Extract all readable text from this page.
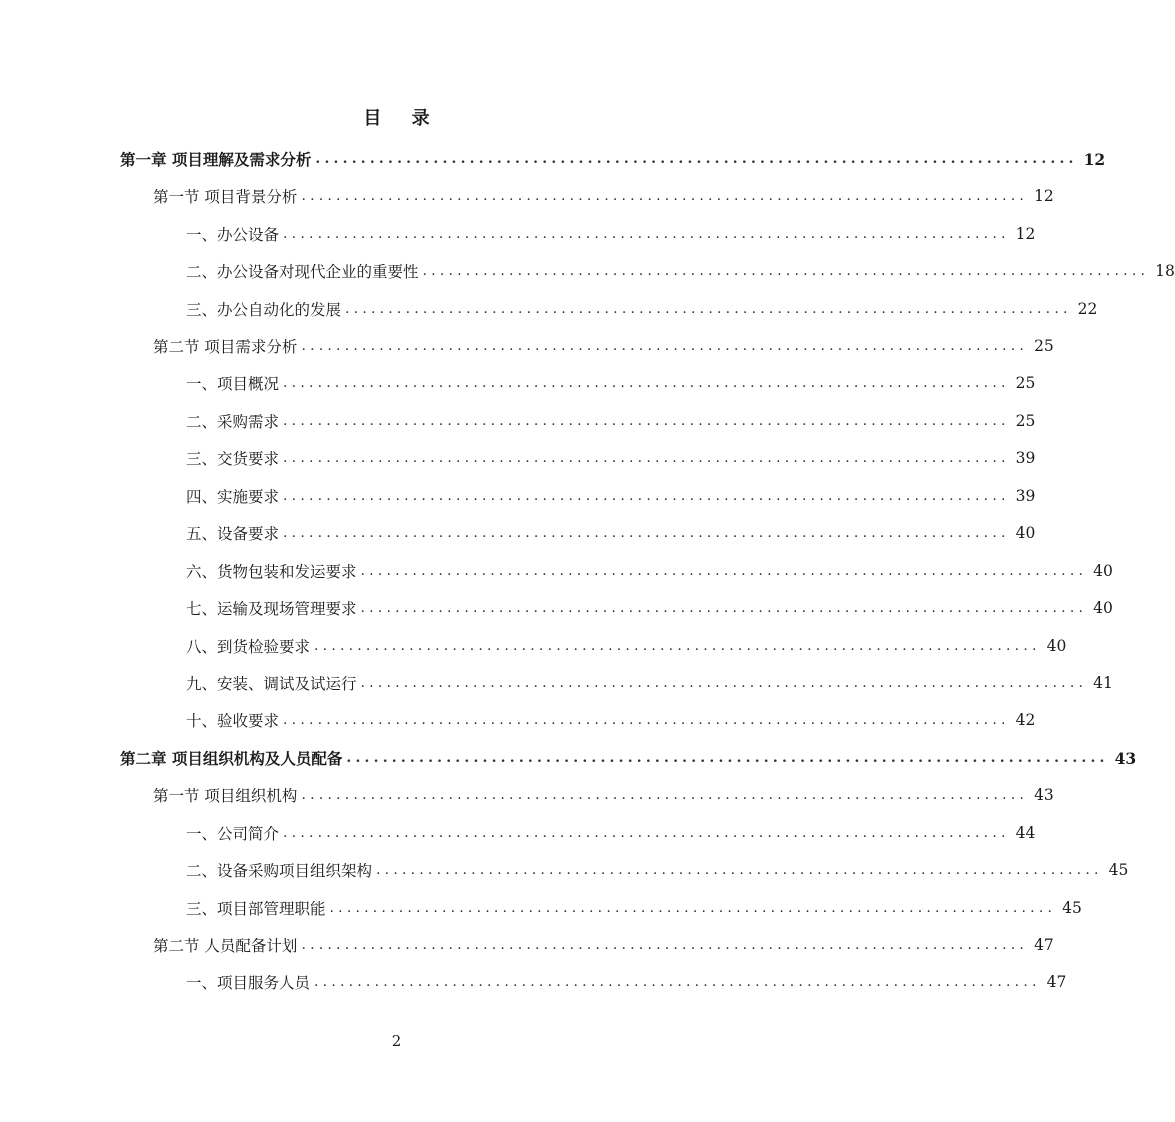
目 录
第一章 项目理解及需求分析 .................................................................................... 12
第一节 项目背景分析 .................................................................................... 12
一、办公设备 .................................................................................... 12
二、办公设备对现代企业的重要性 .................................................................................... 18
三、办公自动化的发展 .................................................................................... 22
第二节 项目需求分析 .................................................................................... 25
一、项目概况 .................................................................................... 25
二、采购需求 .................................................................................... 25
三、交货要求 .................................................................................... 39
四、实施要求 .................................................................................... 39
五、设备要求 .................................................................................... 40
六、货物包装和发运要求 .................................................................................... 40
七、运输及现场管理要求 .................................................................................... 40
八、到货检验要求 .................................................................................... 40
九、安装、调试及试运行 .................................................................................... 41
十、验收要求 .................................................................................... 42
第二章 项目组织机构及人员配备 .................................................................................... 43
第一节 项目组织机构 .................................................................................... 43
一、公司简介 .................................................................................... 44
二、设备采购项目组织架构 .................................................................................... 45
三、项目部管理职能 .................................................................................... 45
第二节 人员配备计划 .................................................................................... 47
一、项目服务人员 .................................................................................... 47
2
